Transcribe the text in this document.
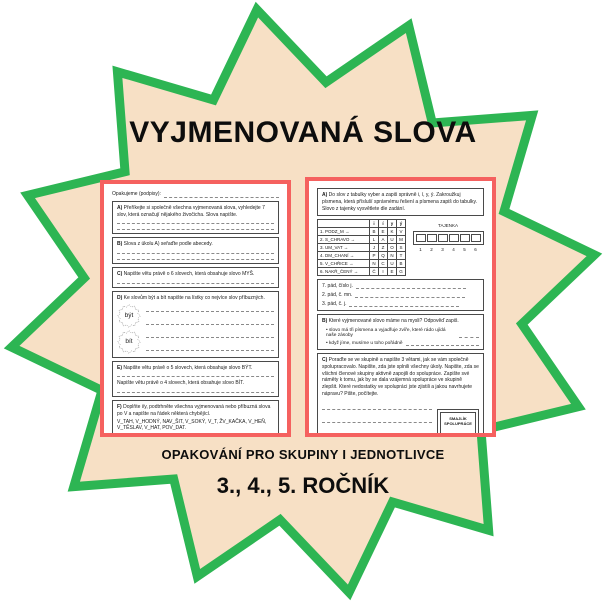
VYJMENOVANÁ SLOVA
Opakujeme (podpisy):
A) Přeříkejte si společně všechna vyjmenovaná slova, vyhledejte 7 slov, která označují nějakého živočicha. Slova napište.
B) Slova z úkolu A) seřaďte podle abecedy.
C) Napište větu právě o 6 slovech, která obsahuje slovo MYŠ.
D) Ke slovům být a bít napište na lístky co nejvíce slov příbuzných.
být
bít
E) Napište větu právě o 5 slovech, která obsahuje slovo BÝT.
Napište větu právě o 4 slovech, která obsahuje slovo BÍT.
F) Doplňte i/y, podtrhněte všechna vyjmenovaná nebo příbuzná slova po V a napište na řádek některá chybějící.
V_TAH, V_HODNÝ, NAV_ŠIT, V_SOKÝ, V_T, ŽV_KAČKA, V_HEŇ, V_TĚSLAV, V_HAT, POV_DAT.
A) Do slov z tabulky vyber a zapiš správně i, í, y, ý. Zakroužkuj písmena, která přísluší správnému řešení a písmena zapiš do tabulky. Slovo z tajenky vysvětlete dle zadání.
	i	í	y	ý
1. PODZ_M →	B	E	K	V
2. S_CHRAVO →	L	A	U	M
3. UM_VAT →	J	Z	O	S
4. DM_CHANÍ →	P	Q	N	T
5. V_CHŘICE →	N	C	U	B
6. NAKŘ_ČENÝ →	Č	I	E	G
TAJENKA
1	2	3	4	5	6
7. pád, číslo j.
2. pád, č. mn.
3. pád, č. j.
B) Které vyjmenované slovo máme na mysli? Odpověď zapiš.
• slovo má tři písmena a vyjadřuje zvíře, které rádo ujídá naše zásoby
• když jíme, musíme u toho pořádně
C) Poraďte se ve skupině a napište 3 větami, jak se vám společně spolupracovalo. Napište, zda jste splnili všechny úkoly. Napište, zda se všichni členové skupiny aktivně zapojili do spolupráce. Zapište své náměty k tomu, jak by se dala vzájemná spolupráce ve skupině zlepšit. Které nedostatky ve spolupráci jste zjistili a jakou navrhujete nápravu? Pište, počítejte.
SMAJLÍK SPOLUPRÁCE
OPAKOVÁNÍ PRO SKUPINY I JEDNOTLIVCE
3., 4., 5. ROČNÍK
